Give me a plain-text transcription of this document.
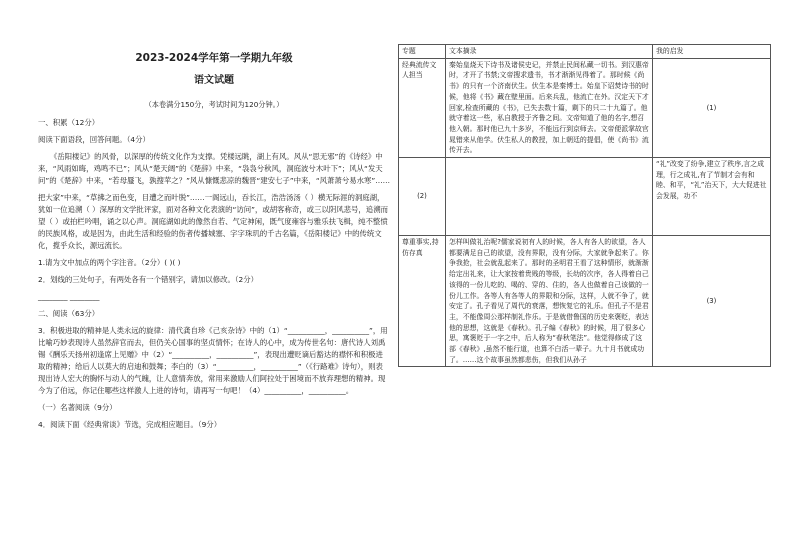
2023-2024学年第一学期九年级
语文试题
（本卷满分150分，考试时间为120分钟。）

一、积累（12分）

阅读下面语段，回答问题。（4分）

《岳阳楼记》的风骨，以深厚的传统文化作为支撑。凭楼远眺，湖上有风。风从“思无邪”的《诗经》中来，“风雨如晦，鸡鸣不已”；风从“楚天阔”的《楚辞》中来，“袅袅兮秋风，洞庭波兮木叶下”；风从“发天问”的《楚辞》中来，“若母蜃飞，孰搜苹之？”风从慷慨悲凉的魏晋“建安七子”中来，“风萧萧兮易水寒”……

把大家”中来，“草拂之而色变，目遭之而叶脱”……一阁远山，吞长江，浩浩汤汤（ ）横无际涯的洞庭湖，犹如一位追溯（ ）深厚的文学批评家，面对各种文化表演的“访问”，或胡客称奇，或三以阴风悲号，追溯而望（ ）或拍栏吟唱，诵之以心声。洞庭湖如此的像然自若、气定神闲，既气度雍容与雅乐扶飞楫，纯不整愤的民族风格，或是因为，由此生活和经验的伤者传播城塞、字字珠玑的千古名篇，《岳阳楼记》中的传统文化，揽乎众长，源远流长。

1.请为文中加点的两个字注音。（2分）( )( )

2．划线的三处句子，有两处各有一个错别字，请加以修改。（2分）

________ ________

二、阅读（63分）

3．积极进取的精神是人类永远的旋律：清代龚自珍《己亥杂诗》中的（1）“__________，__________”，用比喻巧妙表现诗人虽然辞官而去，但仍关心国事的坚贞情怀；在诗人的心中，成为传世名句：唐代诗人刘禹锡《酬乐天扬州初逢席上见赠》中（2）“__________，__________”，表现出遭贬谪后豁达的襟怀和积极进取的精神；给后人以莫大的启迪和鼓舞；李白的（3）“__________，__________”（《行路难》诗句），则表现出诗人宏大的胸怀与动人的气魄，让人意情奔放，常用来激励人们阿拉处于困境而不放弃理想的精神。现今为了伯远，你记住哪些这样激人上进的诗句，请再写一句吧！（4）__________，__________。

（一）名著阅读（9分）

4．阅读下面《经典常谈》节选，完成相应题目。（9分）

专题	文本摘录	我的启发
经典流传文人担当	秦始皇烧天下诗书及诸侯史记，并禁止民间私藏一切书。到汉惠帝时，才开了书禁;文帝搜求遗书，书才渐渐见得着了。那时候《尚书》的只有一个济南伏生。伏生本是秦博士。始皇下诏焚诗书的时候，他将《书》藏在壁里面。后来兵乱，他流亡在外。汉定天下才回家,检查所藏的《书》，已失去数十篇，剩下的只二十九篇了。他就守着这一些，私自教授于齐鲁之间。文帝知道了他的名字,想召他入朝。那时他已九十多岁，不能远行到京师去。文帝便派掌故官晁错来从他学。伏生私人的教授，加上朝廷的提倡，使《尚书》流传开去。	(1)
(2)		“礼”改变了纷争,建立了秩序,言之成理，行之成礼,有了节制才会有和睦、和平，“礼”治天下，大大促进社会发展，功不
尊重事实,持仿存真	怎样叫做礼治呢?儒家说初有人的时候，各人有各人的欲望，各人都要满足自己的欲望，没有界限，没有分际，大家就争起来了。你争我抢，社会就乱起来了。那时的圣明君王看了这种情形，就渐渐给定出礼来，让大家按着贵贱的等级，长幼的次序，各人得着自己该得的一份儿吃的、喝的、穿的、住的，各人也做着自己该做的一份儿工作。各等人有各等人的界限和分际，这样，人就不争了，就安定了。孔子看见了周代的衰落，想恢复它的礼乐。但孔子不是君主，不能像周公那样制礼作乐。于是就借鲁国的历史来褒贬，表达他的思想，这就是《春秋》。孔子编《春秋》的时候，用了很多心思，寓褒贬于一字之中，后人称为“春秋笔法”。他觉得修成了这部《春秋》,虽然不能行道，也算不白活一辈子。九十月书就成功了。……这个故事虽然都悲伤，但我们从孙子	(3)
